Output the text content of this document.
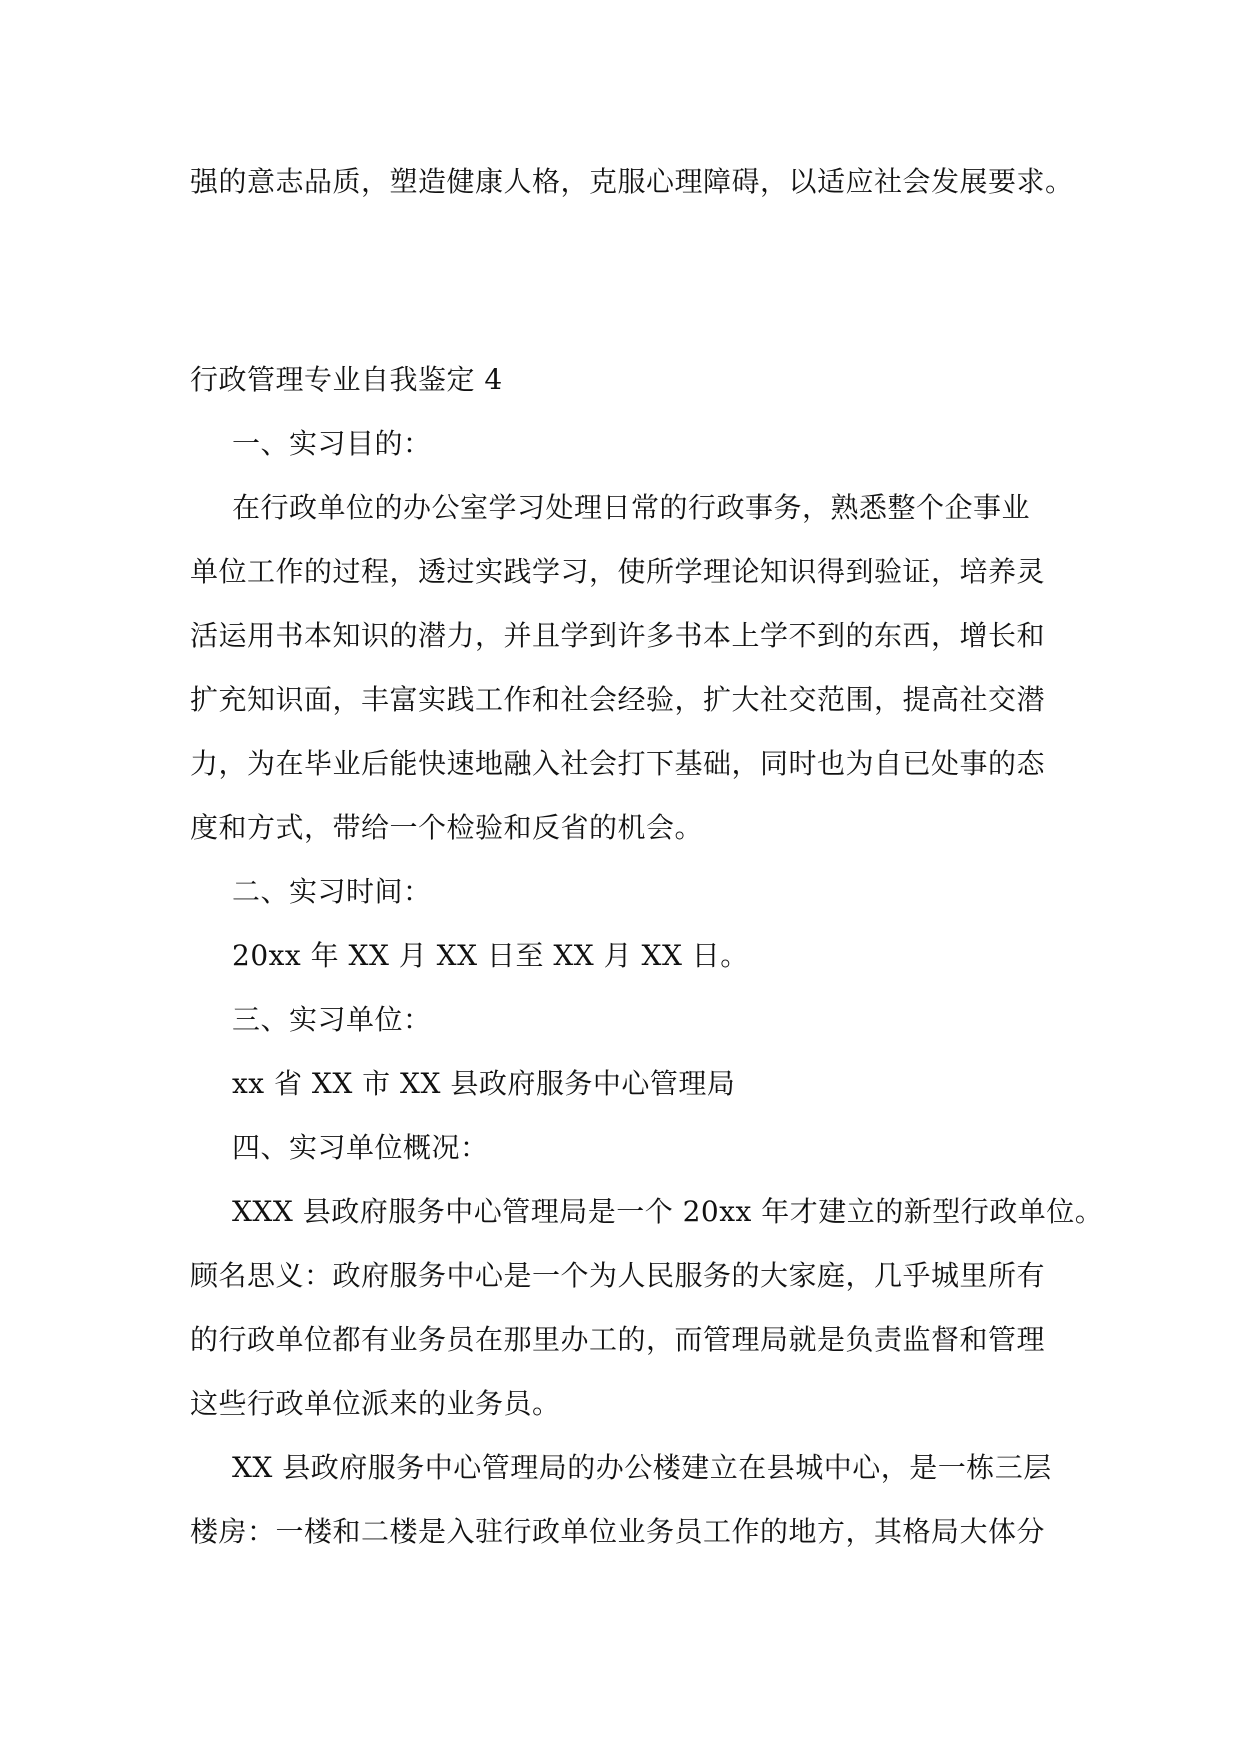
强的意志品质，塑造健康人格，克服心理障碍，以适应社会发展要求。
行政管理专业自我鉴定 4
一、实习目的：
在行政单位的办公室学习处理日常的行政事务，熟悉整个企事业
单位工作的过程，透过实践学习，使所学理论知识得到验证，培养灵
活运用书本知识的潜力，并且学到许多书本上学不到的东西，增长和
扩充知识面，丰富实践工作和社会经验，扩大社交范围，提高社交潜
力，为在毕业后能快速地融入社会打下基础，同时也为自已处事的态
度和方式，带给一个检验和反省的机会。
二、实习时间：
20xx 年 XX 月 XX 日至 XX 月 XX 日。
三、实习单位：
xx 省 XX 市 XX 县政府服务中心管理局
四、实习单位概况：
XXX 县政府服务中心管理局是一个 20xx 年才建立的新型行政单位。
顾名思义：政府服务中心是一个为人民服务的大家庭，几乎城里所有
的行政单位都有业务员在那里办工的，而管理局就是负责监督和管理
这些行政单位派来的业务员。
XX 县政府服务中心管理局的办公楼建立在县城中心，是一栋三层
楼房：一楼和二楼是入驻行政单位业务员工作的地方，其格局大体分
